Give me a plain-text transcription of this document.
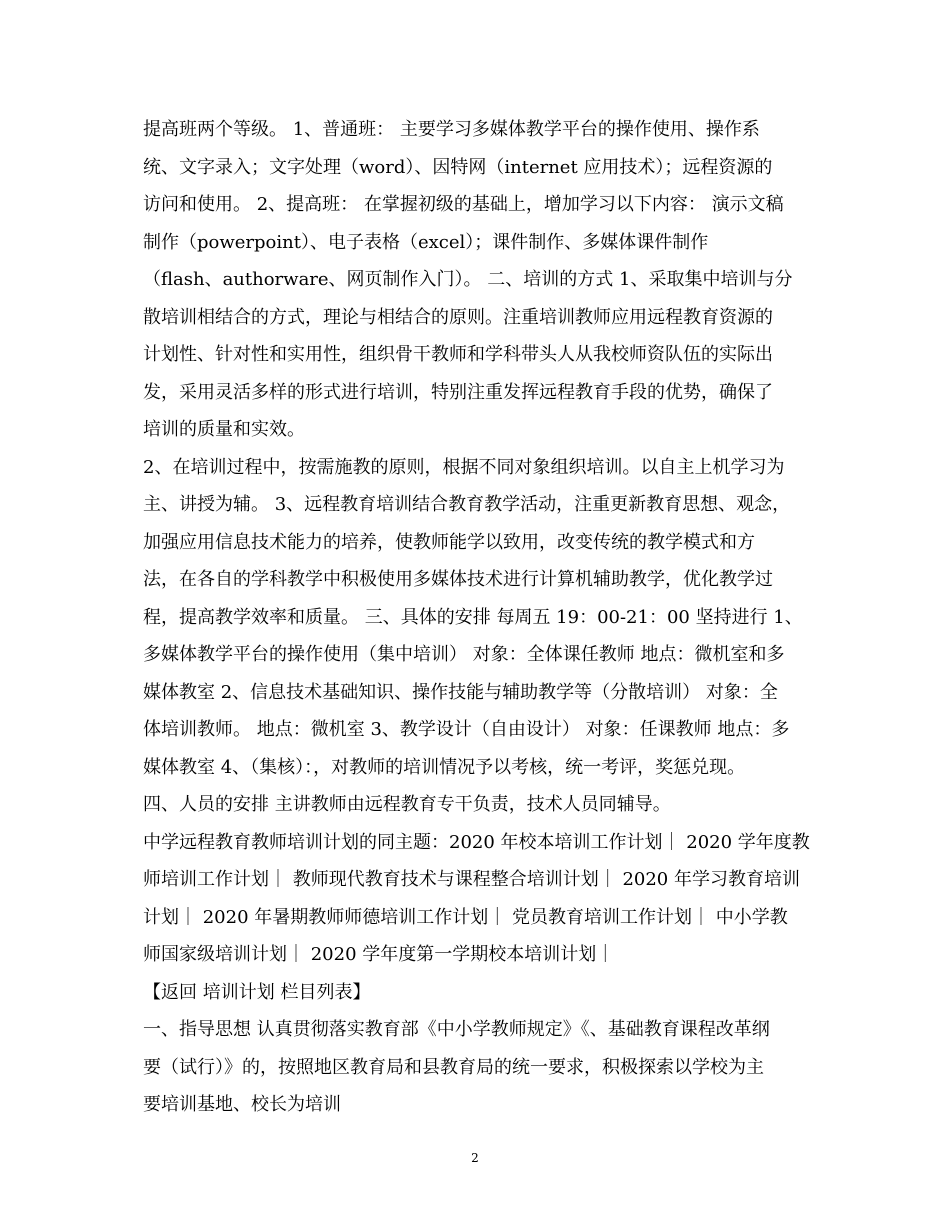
提高班两个等级。 1、普通班： 主要学习多媒体教学平台的操作使用、操作系
统、文字录入；文字处理（word）、因特网（internet 应用技术）；远程资源的
访问和使用。 2、提高班： 在掌握初级的基础上，增加学习以下内容： 演示文稿
制作（powerpoint）、电子表格（excel）；课件制作、多媒体课件制作
（flash、authorware、网页制作入门）。 二、培训的方式 1、采取集中培训与分
散培训相结合的方式，理论与相结合的原则。注重培训教师应用远程教育资源的
计划性、针对性和实用性，组织骨干教师和学科带头人从我校师资队伍的实际出
发，采用灵活多样的形式进行培训，特别注重发挥远程教育手段的优势，确保了
培训的质量和实效。
2、在培训过程中，按需施教的原则，根据不同对象组织培训。以自主上机学习为
主、讲授为辅。 3、远程教育培训结合教育教学活动，注重更新教育思想、观念，
加强应用信息技术能力的培养，使教师能学以致用，改变传统的教学模式和方
法，在各自的学科教学中积极使用多媒体技术进行计算机辅助教学，优化教学过
程，提高教学效率和质量。 三、具体的安排 每周五 19：00-21：00 坚持进行 1、
多媒体教学平台的操作使用（集中培训） 对象：全体课任教师 地点：微机室和多
媒体教室 2、信息技术基础知识、操作技能与辅助教学等（分散培训） 对象：全
体培训教师。 地点：微机室 3、教学设计（自由设计） 对象：任课教师 地点：多
媒体教室 4、（集核）：，对教师的培训情况予以考核，统一考评，奖惩兑现。
四、人员的安排 主讲教师由远程教育专干负责，技术人员同辅导。
中学远程教育教师培训计划的同主题：2020 年校本培训工作计划｜ 2020 学年度教
师培训工作计划｜ 教师现代教育技术与课程整合培训计划｜ 2020 年学习教育培训
计划｜ 2020 年暑期教师师德培训工作计划｜ 党员教育培训工作计划｜ 中小学教
师国家级培训计划｜ 2020 学年度第一学期校本培训计划｜
【返回 培训计划 栏目列表】
一、指导思想 认真贯彻落实教育部《中小学教师规定》《、基础教育课程改革纲
要（试行）》的，按照地区教育局和县教育局的统一要求，积极探索以学校为主
要培训基地、校长为培训
2
